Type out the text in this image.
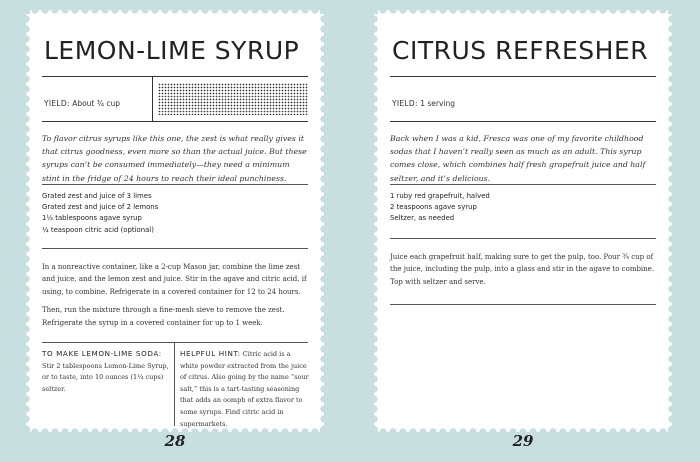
LEMON-LIME SYRUP
YIELD: About ¾ cup

To flavor citrus syrups like this one, the zest is what really gives it that citrus goodness, even more so than the actual juice. But these syrups can’t be consumed immediately—they need a minimum stint in the fridge of 24 hours to reach their ideal punchiness.

Grated zest and juice of 3 limes
Grated zest and juice of 2 lemons
1½ tablespoons agave syrup
¼ teaspoon citric acid (optional)

In a nonreactive container, like a 2-cup Mason jar, combine the lime zest and juice, and the lemon zest and juice. Stir in the agave and citric acid, if using, to combine. Refrigerate in a covered container for 12 to 24 hours.

Then, run the mixture through a fine-mesh sieve to remove the zest. Refrigerate the syrup in a covered container for up to 1 week.

TO MAKE LEMON-LIME SODA: Stir 2 tablespoons Lemon-Lime Syrup, or to taste, into 10 ounces (1¼ cups) seltzer.
HELPFUL HINT: Citric acid is a white powder extracted from the juice of citrus. Also going by the name “sour salt,” this is a tart-tasting seasoning that adds an oomph of extra flavor to some syrups. Find citric acid in supermarkets.
CITRUS REFRESHER
YIELD: 1 serving

Back when I was a kid, Fresca was one of my favorite childhood sodas that I haven’t really seen as much as an adult. This syrup comes close, which combines half fresh grapefruit juice and half seltzer, and it’s delicious.

1 ruby red grapefruit, halved
2 teaspoons agave syrup
Seltzer, as needed

Juice each grapefruit half, making sure to get the pulp, too. Pour ¾ cup of the juice, including the pulp, into a glass and stir in the agave to combine. Top with seltzer and serve.

28	29
